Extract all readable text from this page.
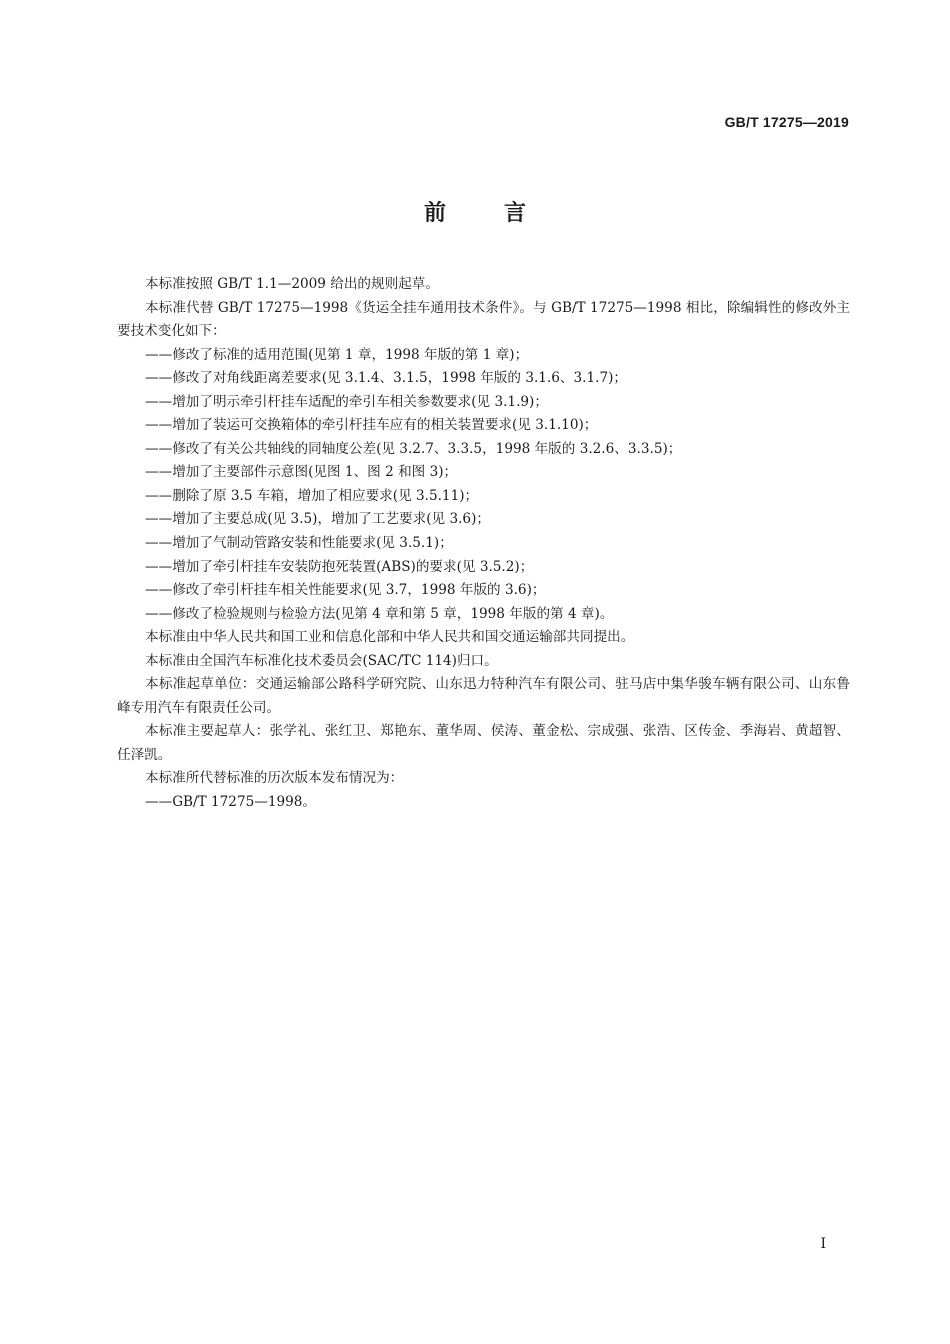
GB/T 17275—2019
前言

本标准按照 GB/T 1.1—2009 给出的规则起草。

本标准代替 GB/T 17275—1998《货运全挂车通用技术条件》。与 GB/T 17275—1998 相比，除编辑性的修改外主要技术变化如下：

——修改了标准的适用范围(见第 1 章，1998 年版的第 1 章)；

——修改了对角线距离差要求(见 3.1.4、3.1.5，1998 年版的 3.1.6、3.1.7)；

——增加了明示牵引杆挂车适配的牵引车相关参数要求(见 3.1.9)；

——增加了装运可交换箱体的牵引杆挂车应有的相关装置要求(见 3.1.10)；

——修改了有关公共轴线的同轴度公差(见 3.2.7、3.3.5，1998 年版的 3.2.6、3.3.5)；

——增加了主要部件示意图(见图 1、图 2 和图 3)；

——删除了原 3.5 车箱，增加了相应要求(见 3.5.11)；

——增加了主要总成(见 3.5)，增加了工艺要求(见 3.6)；

——增加了气制动管路安装和性能要求(见 3.5.1)；

——增加了牵引杆挂车安装防抱死装置(ABS)的要求(见 3.5.2)；

——修改了牵引杆挂车相关性能要求(见 3.7，1998 年版的 3.6)；

——修改了检验规则与检验方法(见第 4 章和第 5 章，1998 年版的第 4 章)。

本标准由中华人民共和国工业和信息化部和中华人民共和国交通运输部共同提出。

本标准由全国汽车标准化技术委员会(SAC/TC 114)归口。

本标准起草单位：交通运输部公路科学研究院、山东迅力特种汽车有限公司、驻马店中集华骏车辆有限公司、山东鲁峰专用汽车有限责任公司。

本标准主要起草人：张学礼、张红卫、郑艳东、董华周、侯涛、董金松、宗成强、张浩、区传金、季海岩、黄超智、任泽凯。

本标准所代替标准的历次版本发布情况为：

——GB/T 17275—1998。

I
